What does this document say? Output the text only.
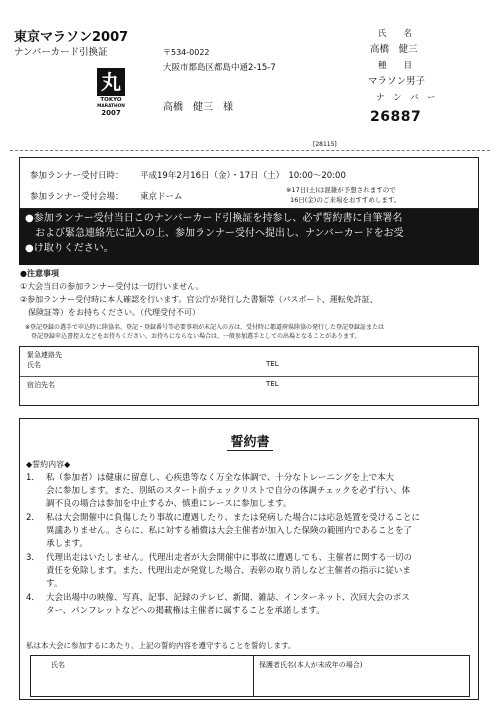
東京マラソン2007
ナンバーカード引換証
丸
TOKYO
MARATHON
2007
〒534-0022
大阪市都島区都島中通2-15-7
高橋　健三　様
氏　　名
高橋　健三
種　　目
マラソン男子
ナ　ン　バ　ー
26887
[28115]
参加ランナー受付日時： 平成19年2月16日（金）・17日（土）　10:00～20:00
参加ランナー受付会場： 東京ドーム
※17日(土)は混雑が予想されますので
16日(金)のご来場をおすすめします。
●参加ランナー受付当日このナンバーカード引換証を持参し、必ず誓約書に自筆署名
　および緊急連絡先に記入の上、参加ランナー受付へ提出し、ナンバーカードをお受
●け取りください。
●注意事項
①大会当日の参加ランナー受付は一切行いません。
②参加ランナー受付時に本人確認を行います。官公庁が発行した書類等（パスポート、運転免許証、
　保険証等）をお持ちください。（代理受付不可）
※登記登録の選手で申込時に陸協名、登記・登録番号等必要事項が未記入の方は、受付時に都道府県陸協の発行した登記登録証または
　登記登録申込書控えなどをお持ちください。お持ちにならない場合は、一般参加選手としての出場となることがあります。
緊急連絡先
氏名	TEL
宿泊先名	TEL
誓約書
◆誓約内容◆
1． 私（参加者）は健康に留意し、心疾患等なく万全な体調で、十分なトレーニングを上で本大
会に参加します。また、別紙のスタート前チェックリストで自分の体調チェックを必ず行い、体
調不良の場合は参加を中止するか、慎重にレースに参加します。
2． 私は大会開催中に負傷したり事故に遭遇したり、または発病した場合には応急処置を受けることに
異議ありません。さらに、私に対する補償は大会主催者が加入した保険の範囲内であることを了
承します。
3． 代理出走はいたしません。代理出走者が大会開催中に事故に遭遇しても、主催者に関する一切の
責任を免除します。また、代理出走が発覚した場合、表彰の取り消しなど主催者の指示に従いま
す。
4． 大会出場中の映像、写真、記事、記録のテレビ、新聞、雑誌、インターネット、次回大会のポス
ター、パンフレットなどへの掲載権は主催者に属することを承諾します。
私は本大会に参加するにあたり、上記の誓約内容を遵守することを誓約します。
氏名	保護者氏名(本人が未成年の場合)
